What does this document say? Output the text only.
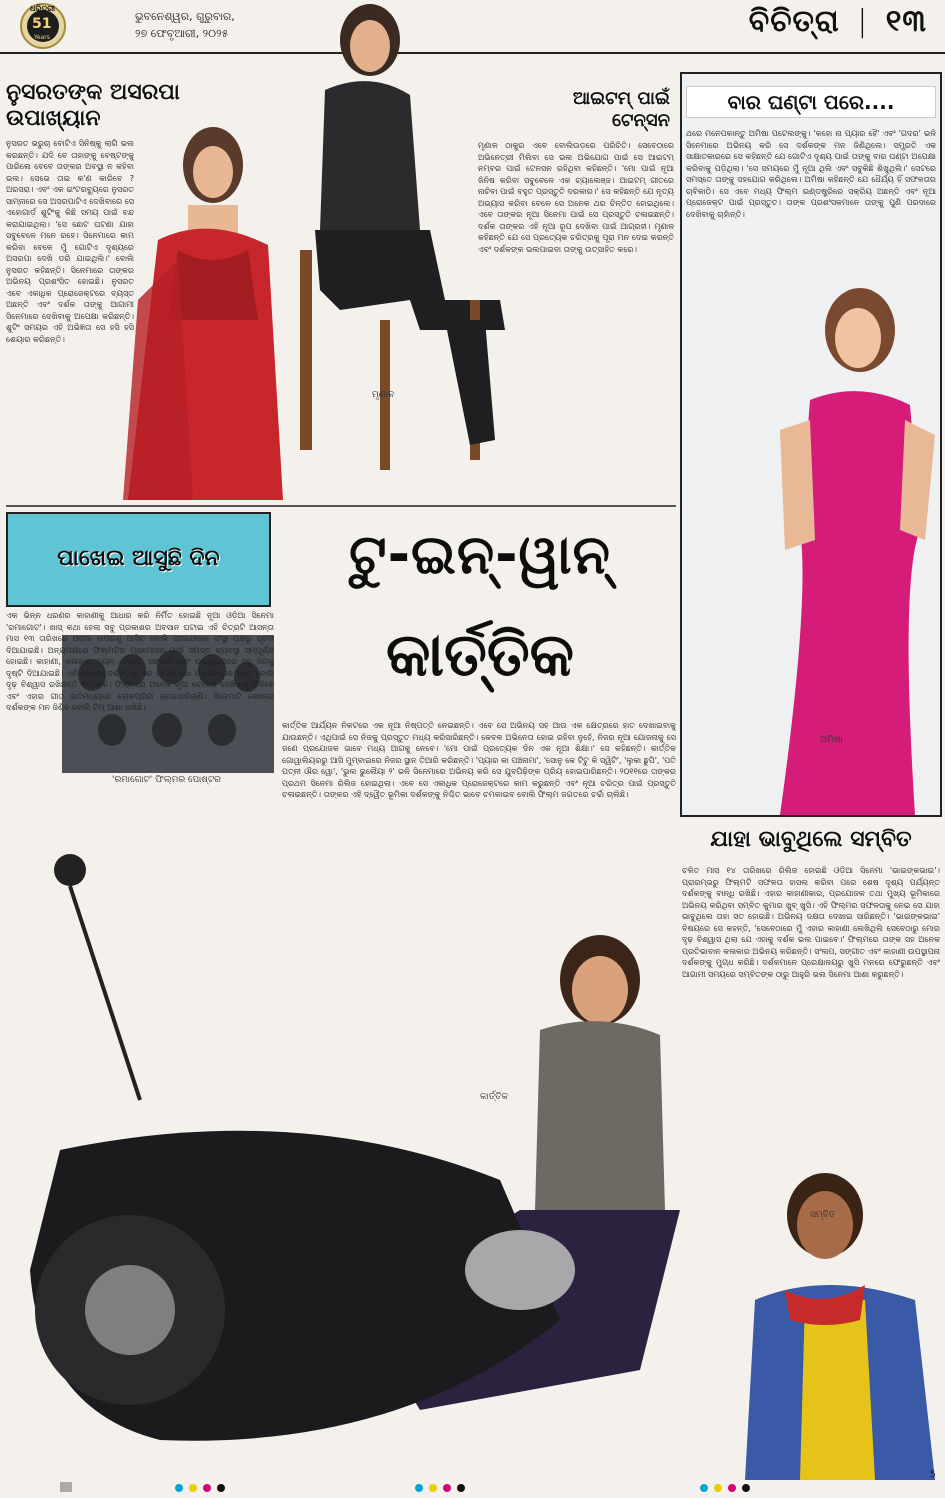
ଧରିତ୍ରୀ
51
Years
ଭୁବନେଶ୍ୱର, ଗୁରୁବାର,
୨୭ ଫେବୃଆରୀ, ୨୦୨୫	ବିଚିତ୍ରା | ୧୩
ନୁସରତଙ୍କ ଅସରପା
ଉପାଖ୍ୟାନ
ନୁସରତ ଭରୁଚା ବୋଟିଏ ସିନିଷ୍କୁ ଲାଗି ଭଲ କରଛନ୍ତି। ଯଦି ବେ ତାହାଙ୍କୁ ବେଷ୍ଟଙ୍କୁ ପାରିଲେ ବେବେ ତାଙ୍କର ଅବସ୍ଥା ନ କହିବା ଭଲ। ସେଭେ ତାଇ କ'ଣ କାରିବେ ? ଅରସରା। ଏବଂ ଏକ ଇଂଟରବ୍ୟୁରେ ନୁସରତ ସାମ୍‌ନାରେ ସେ ଅସରପାଟିଏ ଦେଖିବାରେ ସେ ଏହୋଗାର୍ଡ଼ ଶୁଟିଂକୁ କିଛି ସମୟ ପାଇଁ ବନ୍ଦ କରାଯାଇଥିଲା। 'ସେ ଛୋଟ ଘଟଣା ଯାହା ସବୁବେଳେ ମନେ ରହେ। ସିନେମାରେ କାମ କରିବା ବେଳେ ମୁଁ ଗୋଟିଏ ଦୃଶ୍ୟରେ ଅସରପା ଦେଖି ଡରି ଯାଇଥିଲି।' ବୋଲି ନୁସରତ କହିଛନ୍ତି। ସିନେମାରେ ତାଙ୍କର ଅଭିନୟ ପ୍ରଶଂସିତ ହୋଇଛି। ନୁସରତ ଏବେ ଏକାଧିକ ପ୍ରୋଜେକ୍ଟରେ ବ୍ୟସ୍ତ ଅଛନ୍ତି ଏବଂ ଦର୍ଶକ ତାଙ୍କୁ ଆଗାମୀ ସିନେମାରେ ଦେଖିବାକୁ ଅପେକ୍ଷା କରିଛନ୍ତି। ଶୁଟିଂ ସମୟର ଏହି ଅଭିଜ୍ଞତା ସେ ହସି ହସି ଶେୟାର କରିଛନ୍ତି।
ଆଇଟମ୍ ପାଇଁ
ଟେନ୍‌ସନ
ମୃଣାଳ ଠାକୁର ଏବେ ବୋଲିଉଡ଼ରେ ପରିଚିତି। ସେବେଠାରେ ଅଭିନେତ୍ରୀ ମିଲିବା ସେ ଭଲ ଅଭିଯୋଗ ପାଇଁ ସେ ଆଇଟମ୍ ନମ୍ବର ପାଇଁ ଟେନସନ ରହିଥିବା କହିଛନ୍ତି। 'ମୋ ପାଇଁ ନୂଆ ଜିନିଷ କରିବା ସବୁବେଳେ ଏକ ଚ୍ୟାଲେଞ୍ଜ। ଆଇଟମ୍ ଗୀତରେ ନାଚିବା ପାଇଁ ବହୁତ ପ୍ରସ୍ତୁତି ଦରକାର।' ସେ କହିଛନ୍ତି ଯେ ନୃତ୍ୟ ଅଭ୍ୟାସ କରିବା ବେଳେ ସେ ଅନେକ ଥର ଚିନ୍ତିତ ହୋଇଥିଲେ। ଏବେ ତାଙ୍କର ନୂଆ ସିନେମା ପାଇଁ ସେ ପ୍ରସ୍ତୁତି ଚଳାଇଛନ୍ତି। ଦର୍ଶକ ତାଙ୍କର ଏହି ନୂଆ ରୂପ ଦେଖିବା ପାଇଁ ଆଗ୍ରହୀ। ମୃଣାଳ କହିଛନ୍ତି ଯେ ସେ ପ୍ରତ୍ୟେକ ଚରିତ୍ରକୁ ପୂରା ମନ ଦେଇ କରନ୍ତି ଏବଂ ଦର୍ଶକଙ୍କ ଭଲପାଇବା ତାଙ୍କୁ ଉତ୍ସାହିତ କରେ।
ମୃଣାଳ
ବାର ଘଣ୍ଟା ପରେ....
ଥରେ ମନେପକାନ୍ତୁ ଅମିଷା ପଟେଲଙ୍କୁ। 'କହୋ ନା ପ୍ୟାର ହୈ' ଏବଂ 'ଗଦର' ଭଳି ସିନେମାରେ ଅଭିନୟ କରି ସେ ଦର୍ଶକଙ୍କ ମନ ଜିଣିଥିଲେ। ସମ୍ପ୍ରତି ଏକ ସାକ୍ଷାତକାରରେ ସେ କହିଛନ୍ତି ଯେ ଗୋଟିଏ ଦୃଶ୍ୟ ପାଇଁ ତାଙ୍କୁ ବାର ଘଣ୍ଟା ଅପେକ୍ଷା କରିବାକୁ ପଡ଼ିଥିଲା। 'ସେ ସମୟରେ ମୁଁ ନୂଆ ଥିଲି ଏବଂ ସବୁକିଛି ଶିଖୁଥିଲି।' ସେଟରେ ସମସ୍ତେ ତାଙ୍କୁ ସହଯୋଗ କରିଥିଲେ। ଅମିଷା କହିଛନ୍ତି ଯେ ଧୈର୍ଯ୍ୟ ହିଁ ସଫଳତାର ଚାବିକାଠି। ସେ ଏବେ ମଧ୍ୟ ଫିଲ୍ମ ଇଣ୍ଡଷ୍ଟ୍ରିରେ ସକ୍ରିୟ ଅଛନ୍ତି ଏବଂ ନୂଆ ପ୍ରୋଜେକ୍ଟ ପାଇଁ ପ୍ରସ୍ତୁତ। ତାଙ୍କ ପ୍ରଶଂସକମାନେ ତାଙ୍କୁ ପୁଣି ପରଦାରେ ଦେଖିବାକୁ ଚାହାଁନ୍ତି।
ଅମିଷା
ପାଖେଇ ଆସୁଛି ଦିନ
ଏକ ଭିନ୍ନ ଧରଣର କାହାଣୀକୁ ଆଧାର କରି ନିର୍ମିତ ହୋଇଛି ନୂଆ ଓଡ଼ିଆ ସିନେମା 'ରମାଗୋଟ'। ଖାସ୍ କଥା ହେଲା ସବୁ ପ୍ରକାଶର ଅବସାନ ଘଟାଇ ଏହି ଚିତ୍ରଟି ଆସନ୍ତା ମାସ ୧୩ ତାରିଖରେ ପରଦା ଉପରକୁ ଆସିବ ବୋଲି ପ୍ରଯୋଜନା ସଂସ୍ଥା ପକ୍ଷରୁ ସୂଚନା ଦିଆଯାଇଛି। ଅନ୍ୟପକ୍ଷରେ ଫିଲ୍ମଟିର ପ୍ରମୋସନ ପାଇଁ ସମସ୍ତ ବ୍ୟବସ୍ଥା ସମ୍ପୂର୍ଣ୍ଣ ହୋଇଛି। କାହାଣୀ, କଳାକାର ଚୟନ, ସଂଳାପ, ସଙ୍ଗୀତ ଏବଂ ଉପସ୍ଥାପନାରେ ସବୁ ଦିଗକୁ ଦୃଷ୍ଟି ଦିଆଯାଇଛି। ଏହି ସିନେମା ଦର୍ଶକଙ୍କୁ ଏକ ପ୍ରତିଶୋଧ ମନୋରଞ୍ଜନ ଦେବ ବୋଲି ଦୃଢ଼ ବିଶ୍ୱାସ ରଖିଛନ୍ତି ନିର୍ଦ୍ଦେଶକ। ଫିଲ୍ମରେ ଅନେକ ନୂଆ ଚେହେରା ଦେଖିବାକୁ ମିଳିବେ ଏବଂ ଏହାର ଗୀତ ଇତିମଧ୍ୟରେ ଲୋକପ୍ରିୟ ହୋଇସାରିଲାଣି। ସିନେମାଟି ଶେଷରେ ଦର୍ଶକଙ୍କ ମନ ଜିଣିବ ବୋଲି ଟିମ୍ ଆଶା ରଖିଛି।
'ରମାଗୋଟ' ଫିଲ୍ମର ପୋଷ୍ଟର
ଟୁ-ଇନ୍-ୱାନ୍
କାର୍ତ୍ତିକ
କାର୍ତ୍ତିକ ଆର୍ଯ୍ୟନ ନିକଟରେ ଏକ ନୂଆ ନିଷ୍ପତ୍ତି ନେଇଛନ୍ତି। ଏବେ ସେ ଅଭିନୟ ସହ ଆଉ ଏକ କ୍ଷେତ୍ରରେ ହାତ ଦେଖାଇବାକୁ ଯାଉଛନ୍ତି। ଏଥିପାଇଁ ସେ ନିଜକୁ ପ୍ରସ୍ତୁତ ମଧ୍ୟ କରିସାରିଛନ୍ତି। କେବଳ ଅଭିନେତା ହୋଇ ରହିବା ନୁହେଁ, ନିଜର ନୂଆ ଯୋଜନାକୁ ସେ ଜଣେ ପ୍ରଯୋଜକ ଭାବେ ମଧ୍ୟ ଆଗକୁ ନେବେ। 'ମୋ ପାଇଁ ପ୍ରତ୍ୟେକ ଦିନ ଏକ ନୂଆ ଶିକ୍ଷା।' ସେ କହିଛନ୍ତି। କାର୍ତ୍ତିକ ଗୋୱାଲିୟରରୁ ଆସି ମୁମ୍ବାଇରେ ନିଜର ସ୍ଥାନ ତିଆରି କରିଛନ୍ତି। 'ପ୍ୟାର କା ପଞ୍ଚନାମା', 'ସୋନୁ କେ ଟିଟୁ କି ସ୍ୱିଟି', 'ଲୁକା ଛୁପି', 'ପତି ପତ୍ନୀ ଔର ୱୋ', 'ଭୁଲ ଭୁଲୈୟା ୨' ଭଳି ସିନେମାରେ ଅଭିନୟ କରି ସେ ଯୁବପିଢ଼ିଙ୍କ ପ୍ରିୟ ହୋଇପାରିଛନ୍ତି। ୨୦୧୧ରେ ତାଙ୍କର ପ୍ରଥମ ସିନେମା ରିଲିଜ ହୋଇଥିଲା। ଏବେ ସେ ଏକାଧିକ ପ୍ରୋଜେକ୍ଟରେ କାମ କରୁଛନ୍ତି ଏବଂ ନୂଆ ଚରିତ୍ର ପାଇଁ ପ୍ରସ୍ତୁତି ଚଳାଇଛନ୍ତି। ତାଙ୍କର ଏହି ଦ୍ୱୈତ ଭୂମିକା ଦର୍ଶକଙ୍କୁ ନିଶ୍ଚିତ ଭାବେ ଚମକାଇବ ବୋଲି ଫିଲ୍ମ ଜଗତରେ ଚର୍ଚ୍ଚା ଚାଲିଛି।
କାର୍ତ୍ତିକ
ଯାହା ଭାବୁଥିଲେ ସମ୍ବିତ
ଚଳିତ ମାସ ୧୪ ତାରିଖରେ ରିଲିଜ ହୋଇଛି ଓଡ଼ିଆ ସିନେମା 'ଭାଇଙ୍କଭାଇ'। ପ୍ରାରମ୍ଭରୁ ଫିଲ୍ମଟି ସଫଳତା ହାସଲ କରିବା ପରେ ଶେଷ ଦୃଶ୍ୟ ପର୍ଯ୍ୟନ୍ତ ଦର୍ଶକଙ୍କୁ ବାନ୍ଧି ରଖିଛି। ଏହାର କାହାଣୀକାର, ପ୍ରଯୋଜକ ତଥା ମୁଖ୍ୟ ଭୂମିକାରେ ଅଭିନୟ କରିଥିବା ସମ୍ବିତ କୁମାର ଖୁବ୍ ଖୁସି। ଏହି ଫିଲ୍ମର ସଫଳତାକୁ ନେଇ ସେ ଯାହା ଭାବୁଥିଲେ ତାହା ସତ ହୋଇଛି। ଅଭିନୟ ଦକ୍ଷତା ଦେଖାଇ ସାରିଛନ୍ତି। 'ଭାଇଙ୍କଭାଇ' ବିଷୟରେ ସେ କହନ୍ତି, 'ସେବେଠାରେ ମୁଁ ଏହାର କାହାଣୀ ଲେଖିଥିଲି ସେବେଠାରୁ ମୋର ଦୃଢ଼ ବିଶ୍ୱାସ ଥିଲା ଯେ ଏହାକୁ ଦର୍ଶକ ଭଲ ପାଇବେ।' ଫିଲ୍ମରେ ତାଙ୍କ ସହ ଅନେକ ପ୍ରତିଭାବାନ କଳାକାର ଅଭିନୟ କରିଛନ୍ତି। ସଂଳାପ, ସଙ୍ଗୀତ ଏବଂ କାହାଣୀ ଉପସ୍ଥାପନା ଦର୍ଶକଙ୍କୁ ମୁଗ୍ଧ କରିଛି। ଦର୍ଶକମାନେ ପ୍ରେକ୍ଷାଳୟରୁ ଖୁସି ମନରେ ଫେରୁଛନ୍ତି ଏବଂ ଆଗାମୀ ସମୟରେ ସମ୍ବିତଙ୍କ ଠାରୁ ଆହୁରି ଭଲ ସିନେମା ଆଶା କରୁଛନ୍ତି।
ସମ୍ବିତ
5
